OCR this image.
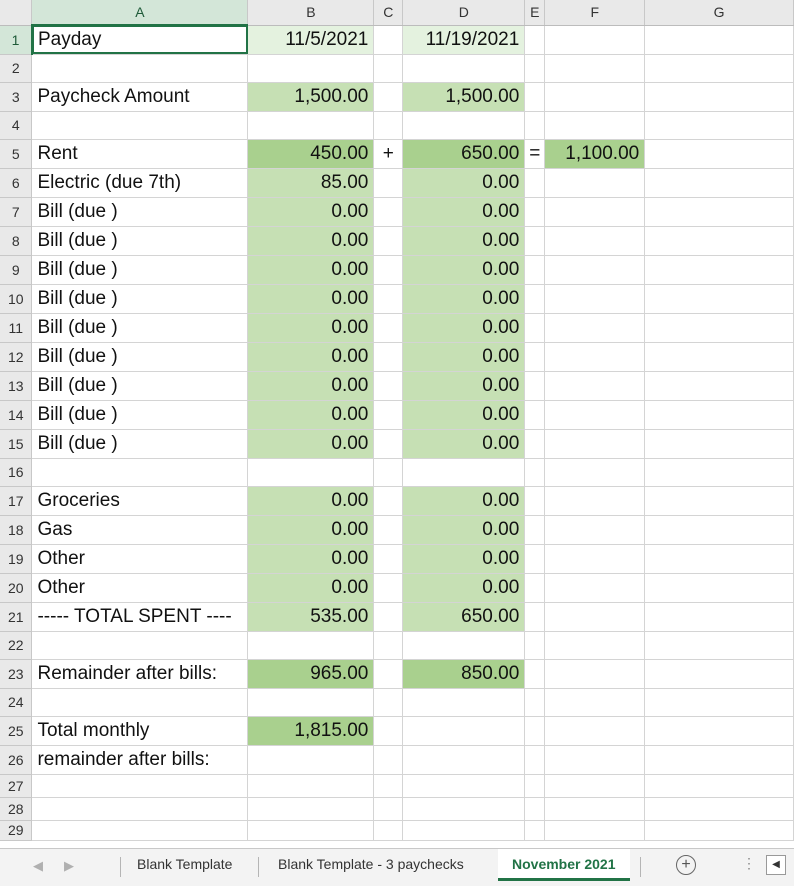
	A	B	C	D	E	F	G
1	Payday	11/5/2021		11/19/2021			
2							
3	Paycheck Amount	1,500.00		1,500.00			
4							
5	Rent	450.00	+	650.00	=	1,100.00	
6	Electric (due 7th)	85.00		0.00			
7	Bill (due )	0.00		0.00			
8	Bill (due )	0.00		0.00			
9	Bill (due )	0.00		0.00			
10	Bill (due )	0.00		0.00			
11	Bill (due )	0.00		0.00			
12	Bill (due )	0.00		0.00			
13	Bill (due )	0.00		0.00			
14	Bill (due )	0.00		0.00			
15	Bill (due )	0.00		0.00			
16							
17	Groceries	0.00		0.00			
18	Gas	0.00		0.00			
19	Other	0.00		0.00			
20	Other	0.00		0.00			
21	----- TOTAL SPENT ----	535.00		650.00			
22							
23	Remainder after bills:	965.00		850.00			
24							
25	Total monthly	1,815.00					
26	remainder after bills:						
27							
28							
29							
◀ ▶	Blank Template	Blank Template - 3 paychecks	November 2021	+	⋮	◀
